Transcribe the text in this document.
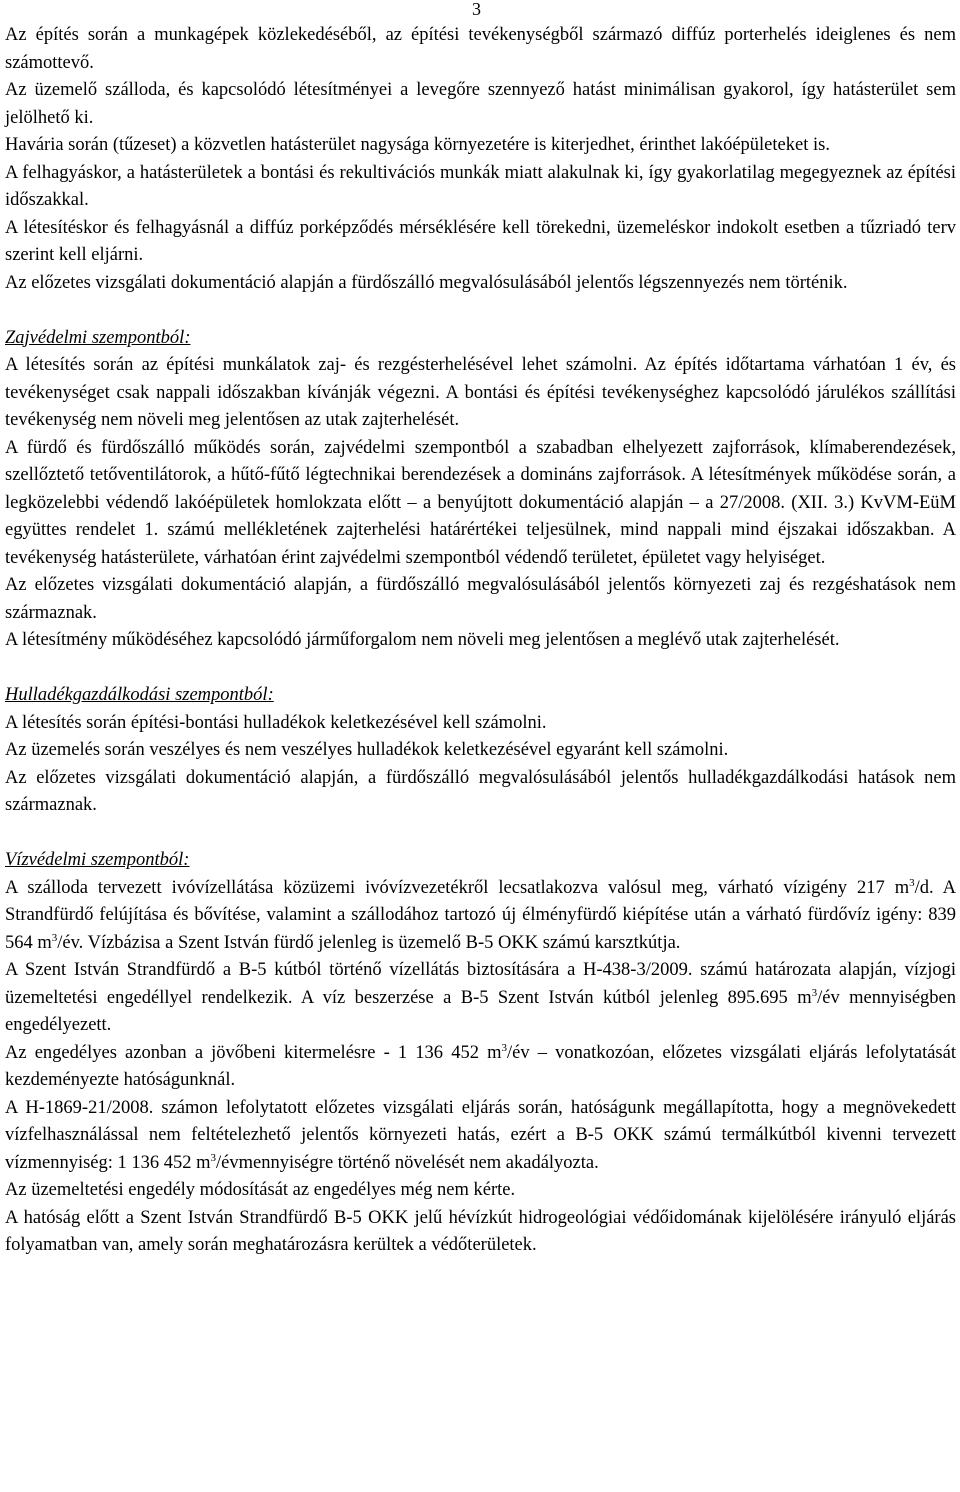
3

Az építés során a munkagépek közlekedéséből, az építési tevékenységből származó diffúz porterhelés ideiglenes és nem számottevő.

Az üzemelő szálloda, és kapcsolódó létesítményei a levegőre szennyező hatást minimálisan gyakorol, így hatásterület sem jelölhető ki.

Havária során (tűzeset) a közvetlen hatásterület nagysága környezetére is kiterjedhet, érinthet lakóépületeket is.

A felhagyáskor, a hatásterületek a bontási és rekultivációs munkák miatt alakulnak ki, így gyakorlatilag megegyeznek az építési időszakkal.

A létesítéskor és felhagyásnál a diffúz porképződés mérséklésére kell törekedni, üzemeléskor indokolt esetben a tűzriadó terv szerint kell eljárni.

Az előzetes vizsgálati dokumentáció alapján a fürdőszálló megvalósulásából jelentős légszennyezés nem történik.

Zajvédelmi szempontból:

A létesítés során az építési munkálatok zaj- és rezgésterhelésével lehet számolni. Az építés időtartama várhatóan 1 év, és tevékenységet csak nappali időszakban kívánják végezni. A bontási és építési tevékenységhez kapcsolódó járulékos szállítási tevékenység nem növeli meg jelentősen az utak zajterhelését.

A fürdő és fürdőszálló működés során, zajvédelmi szempontból a szabadban elhelyezett zajforrások, klímaberendezések, szellőztető tetőventilátorok, a hűtő-fűtő légtechnikai berendezések a domináns zajforrások. A létesítmények működése során, a legközelebbi védendő lakóépületek homlokzata előtt – a benyújtott dokumentáció alapján – a 27/2008. (XII. 3.) KvVM-EüM együttes rendelet 1. számú mellékletének zajterhelési határértékei teljesülnek, mind nappali mind éjszakai időszakban. A tevékenység hatásterülete, várhatóan érint zajvédelmi szempontból védendő területet, épületet vagy helyiséget.

Az előzetes vizsgálati dokumentáció alapján, a fürdőszálló megvalósulásából jelentős környezeti zaj és rezgéshatások nem származnak.

A létesítmény működéséhez kapcsolódó járműforgalom nem növeli meg jelentősen a meglévő utak zajterhelését.

Hulladékgazdálkodási szempontból:

A létesítés során építési-bontási hulladékok keletkezésével kell számolni.

Az üzemelés során veszélyes és nem veszélyes hulladékok keletkezésével egyaránt kell számolni.

Az előzetes vizsgálati dokumentáció alapján, a fürdőszálló megvalósulásából jelentős hulladékgazdálkodási hatások nem származnak.

Vízvédelmi szempontból:

A szálloda tervezett ivóvízellátása közüzemi ivóvízvezetékről lecsatlakozva valósul meg, várható vízigény 217 $m^3/d$. A Strandfürdő felújítása és bővítése, valamint a szállodához tartozó új élményfürdő kiépítése után a várható fürdővíz igény: 839 564 $m^3/év$. Vízbázisa a Szent István fürdő jelenleg is üzemelő B-5 OKK számú karsztkútja.

A Szent István Strandfürdő a B-5 kútból történő vízellátás biztosítására a H-438-3/2009. számú határozata alapján, vízjogi üzemeltetési engedéllyel rendelkezik. A víz beszerzése a B-5 Szent István kútból jelenleg 895.695 $m^3/év$ mennyiségben engedélyezett.

Az engedélyes azonban a jövőbeni kitermelésre - 1 136 452 $m^3/év$ – vonatkozóan, előzetes vizsgálati eljárás lefolytatását kezdeményezte hatóságunknál.

A H-1869-21/2008. számon lefolytatott előzetes vizsgálati eljárás során, hatóságunk megállapította, hogy a megnövekedett vízfelhasználással nem feltételezhető jelentős környezeti hatás, ezért a B-5 OKK számú termálkútból kivenni tervezett vízmennyiség: 1 136 452 $m^3$/évmennyiségre történő növelését nem akadályozta.

Az üzemeltetési engedély módosítását az engedélyes még nem kérte.

A hatóság előtt a Szent István Strandfürdő B-5 OKK jelű hévízkút hidrogeológiai védőidomának kijelölésére irányuló eljárás folyamatban van, amely során meghatározásra kerültek a védőterületek.
